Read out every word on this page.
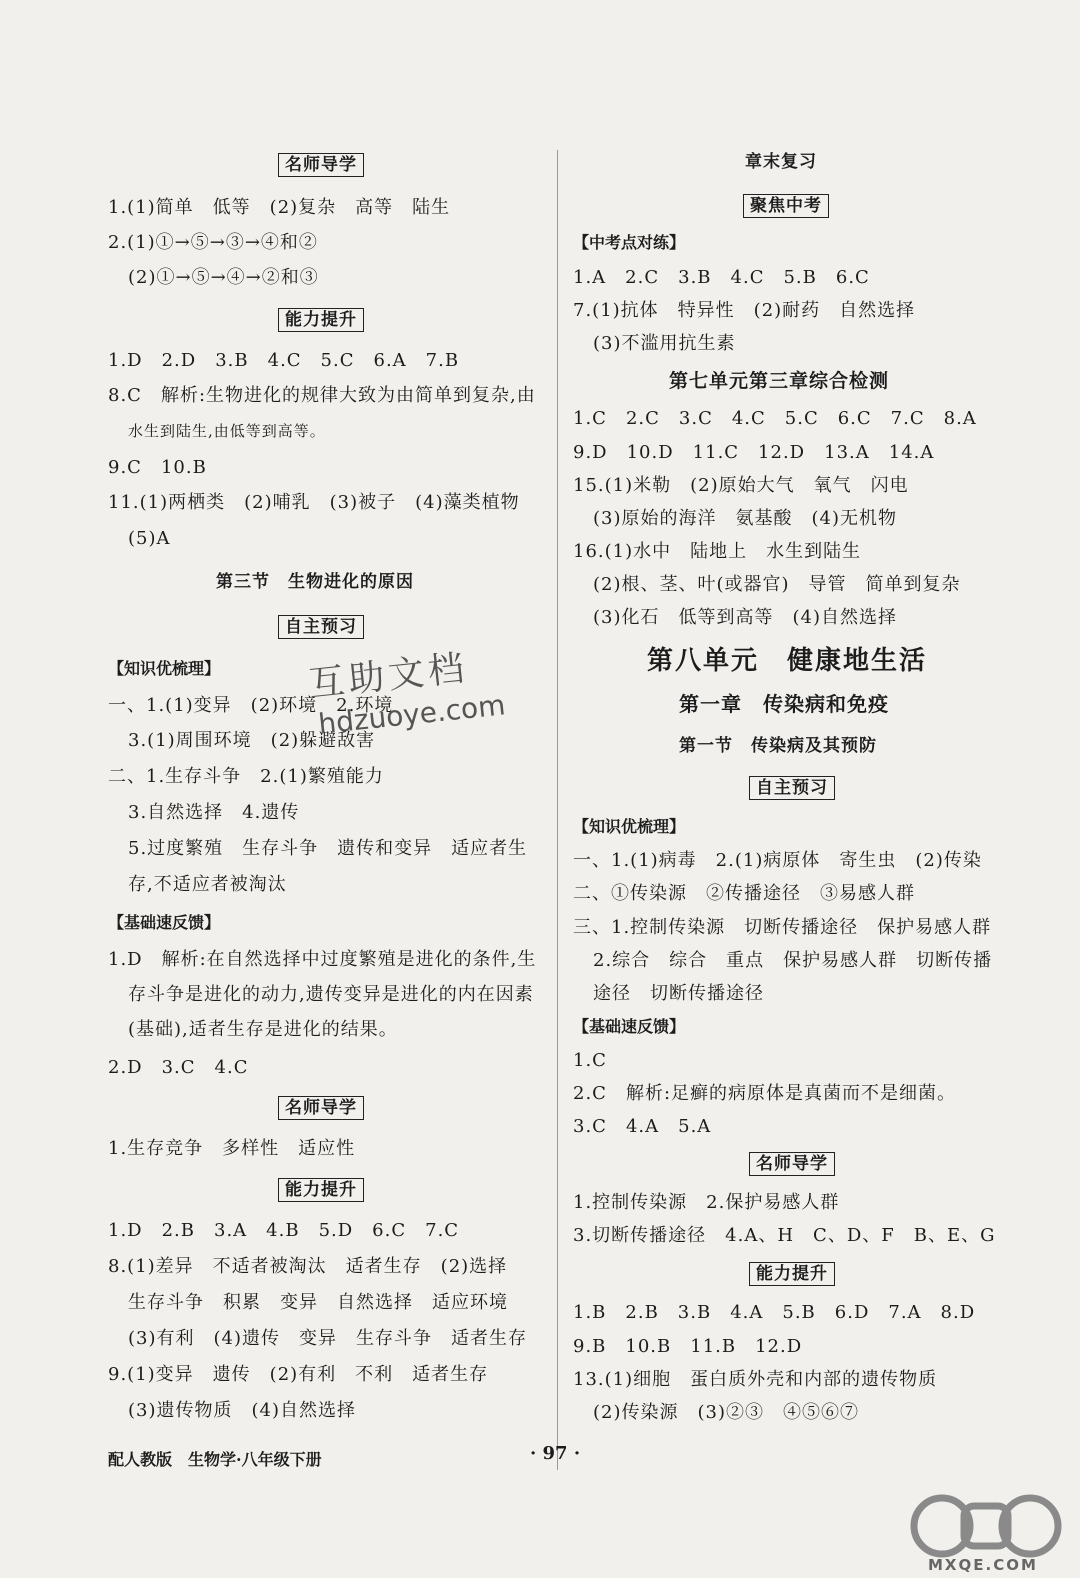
名师导学
1.(1)简单　低等　(2)复杂　高等　陆生
2.(1)①→⑤→③→④和②
(2)①→⑤→④→②和③
能力提升
1.D　2.D　3.B　4.C　5.C　6.A　7.B
8.C　解析:生物进化的规律大致为由简单到复杂,由
水生到陆生,由低等到高等。
9.C　10.B
11.(1)两栖类　(2)哺乳　(3)被子　(4)藻类植物
(5)A
第三节　生物进化的原因
自主预习
【知识优梳理】
一、1.(1)变异　(2)环境　2.环境
3.(1)周围环境　(2)躲避敌害
二、1.生存斗争　2.(1)繁殖能力
3.自然选择　4.遗传
5.过度繁殖　生存斗争　遗传和变异　适应者生
存,不适应者被淘汰
【基础速反馈】
1.D　解析:在自然选择中过度繁殖是进化的条件,生
存斗争是进化的动力,遗传变异是进化的内在因素
(基础),适者生存是进化的结果。
2.D　3.C　4.C
名师导学
1.生存竞争　多样性　适应性
能力提升
1.D　2.B　3.A　4.B　5.D　6.C　7.C
8.(1)差异　不适者被淘汰　适者生存　(2)选择
生存斗争　积累　变异　自然选择　适应环境
(3)有利　(4)遗传　变异　生存斗争　适者生存
9.(1)变异　遗传　(2)有利　不利　适者生存
(3)遗传物质　(4)自然选择
章末复习
聚焦中考
【中考点对练】
1.A　2.C　3.B　4.C　5.B　6.C
7.(1)抗体　特异性　(2)耐药　自然选择
(3)不滥用抗生素
第七单元第三章综合检测
1.C　2.C　3.C　4.C　5.C　6.C　7.C　8.A
9.D　10.D　11.C　12.D　13.A　14.A
15.(1)米勒　(2)原始大气　氧气　闪电
(3)原始的海洋　氨基酸　(4)无机物
16.(1)水中　陆地上　水生到陆生
(2)根、茎、叶(或器官)　导管　简单到复杂
(3)化石　低等到高等　(4)自然选择
第八单元　健康地生活
第一章　传染病和免疫
第一节　传染病及其预防
自主预习
【知识优梳理】
一、1.(1)病毒　2.(1)病原体　寄生虫　(2)传染
二、①传染源　②传播途径　③易感人群
三、1.控制传染源　切断传播途径　保护易感人群
2.综合　综合　重点　保护易感人群　切断传播
途径　切断传播途径
【基础速反馈】
1.C
2.C　解析:足癣的病原体是真菌而不是细菌。
3.C　4.A　5.A
名师导学
1.控制传染源　2.保护易感人群
3.切断传播途径　4.A、H　C、D、F　B、E、G
能力提升
1.B　2.B　3.B　4.A　5.B　6.D　7.A　8.D
9.B　10.B　11.B　12.D
13.(1)细胞　蛋白质外壳和内部的遗传物质
(2)传染源　(3)②③　④⑤⑥⑦
互助文档
hdzuoye.com
配人教版　生物学·八年级下册	· 97 ·
MXQE.COM
